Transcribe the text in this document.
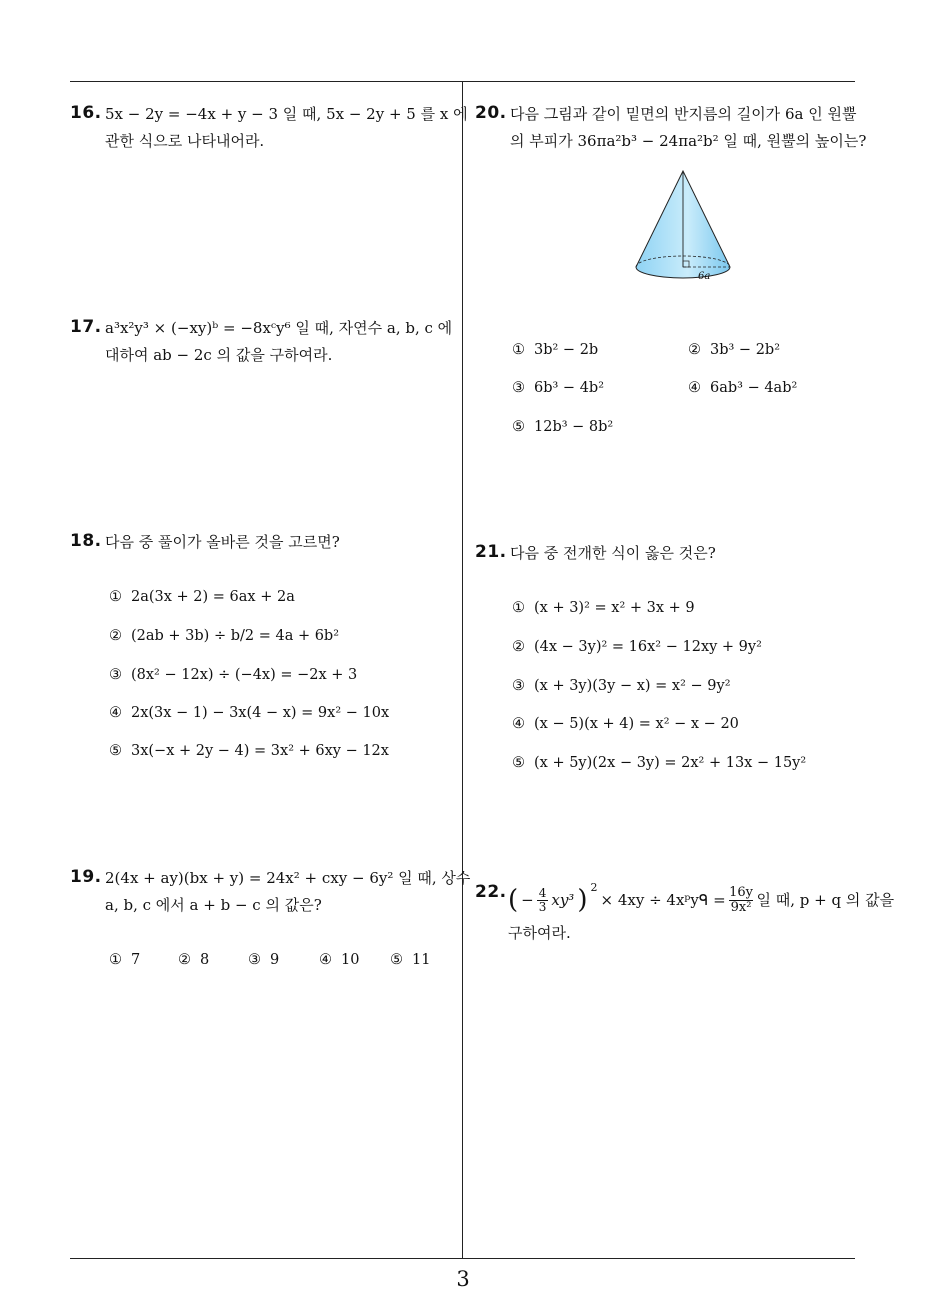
16. 5x − 2y = −4x + y − 3 일 때, 5x − 2y + 5 를 x 에
관한 식으로 나타내어라.
17. a³x²y³ × (−xy)ᵇ = −8xᶜy⁶ 일 때, 자연수 a, b, c 에
대하여 ab − 2c 의 값을 구하여라.
18. 다음 중 풀이가 올바른 것을 고르면?
① 2a(3x + 2) = 6ax + 2a
② (2ab + 3b) ÷ b/2 = 4a + 6b²
③ (8x² − 12x) ÷ (−4x) = −2x + 3
④ 2x(3x − 1) − 3x(4 − x) = 9x² − 10x
⑤ 3x(−x + 2y − 4) = 3x² + 6xy − 12x
19. 2(4x + ay)(bx + y) = 24x² + cxy − 6y² 일 때, 상수
a, b, c 에서 a + b − c 의 값은?
① 7	② 8	③ 9	④ 10 ⑤ 11
20. 다음 그림과 같이 밑면의 반지름의 길이가 6a 인 원뿔
의 부피가 36πa²b³ − 24πa²b² 일 때, 원뿔의 높이는?
6a
① 3b² − 2b	② 3b³ − 2b²
③ 6b³ − 4b²	④ 6ab³ − 4ab²
⑤ 12b³ − 8b²
21. 다음 중 전개한 식이 옳은 것은?
① (x + 3)² = x² + 3x + 9
② (4x − 3y)² = 16x² − 12xy + 9y²
③ (x + 3y)(3y − x) = x² − 9y²
④ (x − 5)(x + 4) = x² − x − 20
⑤ (x + 5y)(2x − 3y) = 2x² + 13x − 15y²
22. ( − $\frac{4}{3} xy^3$ ) 2
× 4xy ÷ 4xᵖyᑫ = $\frac{16y}{\text{9x²}}$ 일 때, p + q 의 값을
구하여라.
3
